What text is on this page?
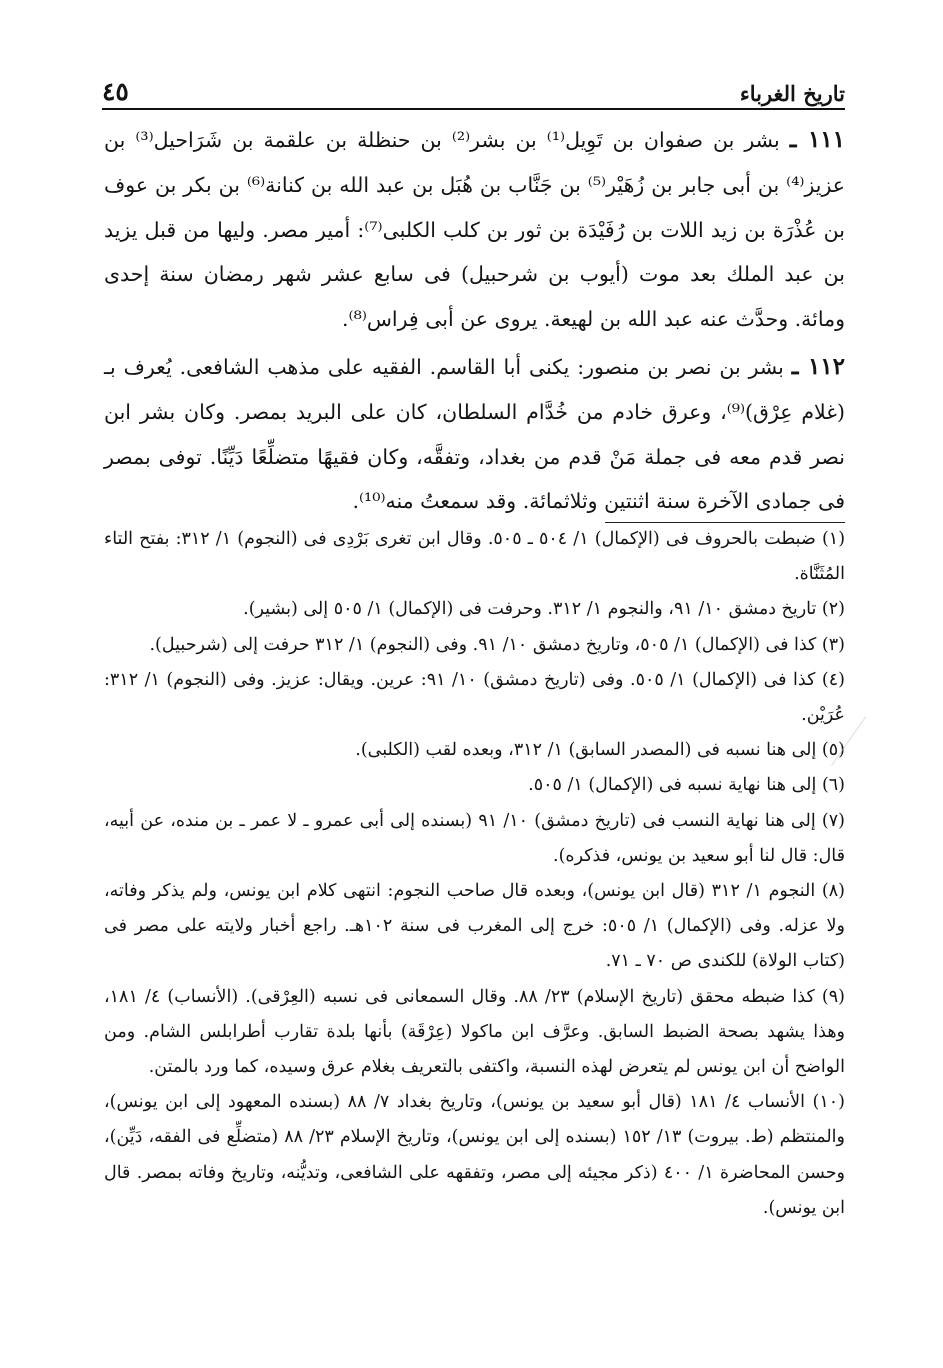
تاريخ الغرباء
٤٥

١١١ ـ بشر بن صفوان بن تَوِيل⁽¹⁾ بن بشر⁽²⁾ بن حنظلة بن علقمة بن شَرَاحيل⁽³⁾ بن عزيز⁽⁴⁾ بن أبى جابر بن زُهَيْر⁽⁵⁾ بن جَنَّاب بن هُبَل بن عبد الله بن كنانة⁽⁶⁾ بن بكر بن عوف بن عُذْرَة بن زيد اللات بن رُفَيْدَة بن ثور بن كلب الكلبى⁽⁷⁾: أمير مصر. وليها من قبل يزيد بن عبد الملك بعد موت (أيوب بن شرحبيل) فى سابع عشر شهر رمضان سنة إحدى ومائة. وحدَّث عنه عبد الله بن لهيعة. يروى عن أبى فِراس⁽⁸⁾.

١١٢ ـ بشر بن نصر بن منصور: يكنى أبا القاسم. الفقيه على مذهب الشافعى. يُعرف بـ (غلام عِرْق)⁽⁹⁾، وعرق خادم من خُدَّام السلطان، كان على البريد بمصر. وكان بشر ابن نصر قدم معه فى جملة مَنْ قدم من بغداد، وتفقَّه، وكان فقيهًا متضلِّعًا دَيِّنًا. توفى بمصر فى جمادى الآخرة سنة اثنتين وثلاثمائة. وقد سمعتُ منه⁽¹⁰⁾.

(١) ضبطت بالحروف فى (الإكمال) ١/ ٥٠٤ ـ ٥٠٥. وقال ابن تغرى بَرْدِى فى (النجوم) ١/ ٣١٢: بفتح التاء المُثَنَّاة.

(٢) تاريخ دمشق ١٠/ ٩١، والنجوم ١/ ٣١٢. وحرفت فى (الإكمال) ١/ ٥٠٥ إلى (بشير).

(٣) كذا فى (الإكمال) ١/ ٥٠٥، وتاريخ دمشق ١٠/ ٩١. وفى (النجوم) ١/ ٣١٢ حرفت إلى (شرحبيل).

(٤) كذا فى (الإكمال) ١/ ٥٠٥. وفى (تاريخ دمشق) ١٠/ ٩١: عرين. ويقال: عزيز. وفى (النجوم) ١/ ٣١٢: عُرَيْن.

(٥) إلى هنا نسبه فى (المصدر السابق) ١/ ٣١٢، وبعده لقب (الكلبى).

(٦) إلى هنا نهاية نسبه فى (الإكمال) ١/ ٥٠٥.

(٧) إلى هنا نهاية النسب فى (تاريخ دمشق) ١٠/ ٩١ (بسنده إلى أبى عمرو ـ لا عمر ـ بن منده، عن أبيه، قال: قال لنا أبو سعيد بن يونس، فذكره).

(٨) النجوم ١/ ٣١٢ (قال ابن يونس)، وبعده قال صاحب النجوم: انتهى كلام ابن يونس، ولم يذكر وفاته، ولا عزله. وفى (الإكمال) ١/ ٥٠٥: خرج إلى المغرب فى سنة ١٠٢هـ. راجع أخبار ولايته على مصر فى (كتاب الولاة) للكندى ص ٧٠ ـ ٧١.

(٩) كذا ضبطه محقق (تاريخ الإسلام) ٢٣/ ٨٨. وقال السمعانى فى نسبه (العِرْقى). (الأنساب) ٤/ ١٨١، وهذا يشهد بصحة الضبط السابق. وعرَّف ابن ماكولا (عِرْقَة) بأنها بلدة تقارب أطرابلس الشام. ومن الواضح أن ابن يونس لم يتعرض لهذه النسبة، واكتفى بالتعريف بغلام عرق وسيده، كما ورد بالمتن.

(١٠) الأنساب ٤/ ١٨١ (قال أبو سعيد بن يونس)، وتاريخ بغداد ٧/ ٨٨ (بسنده المعهود إلى ابن يونس)، والمنتظم (ط. بيروت) ١٣/ ١٥٢ (بسنده إلى ابن يونس)، وتاريخ الإسلام ٢٣/ ٨٨ (متضلِّع فى الفقه، دَيِّن)، وحسن المحاضرة ١/ ٤٠٠ (ذكر مجيئه إلى مصر، وتفقهه على الشافعى، وتديُّنه، وتاريخ وفاته بمصر. قال ابن يونس).
